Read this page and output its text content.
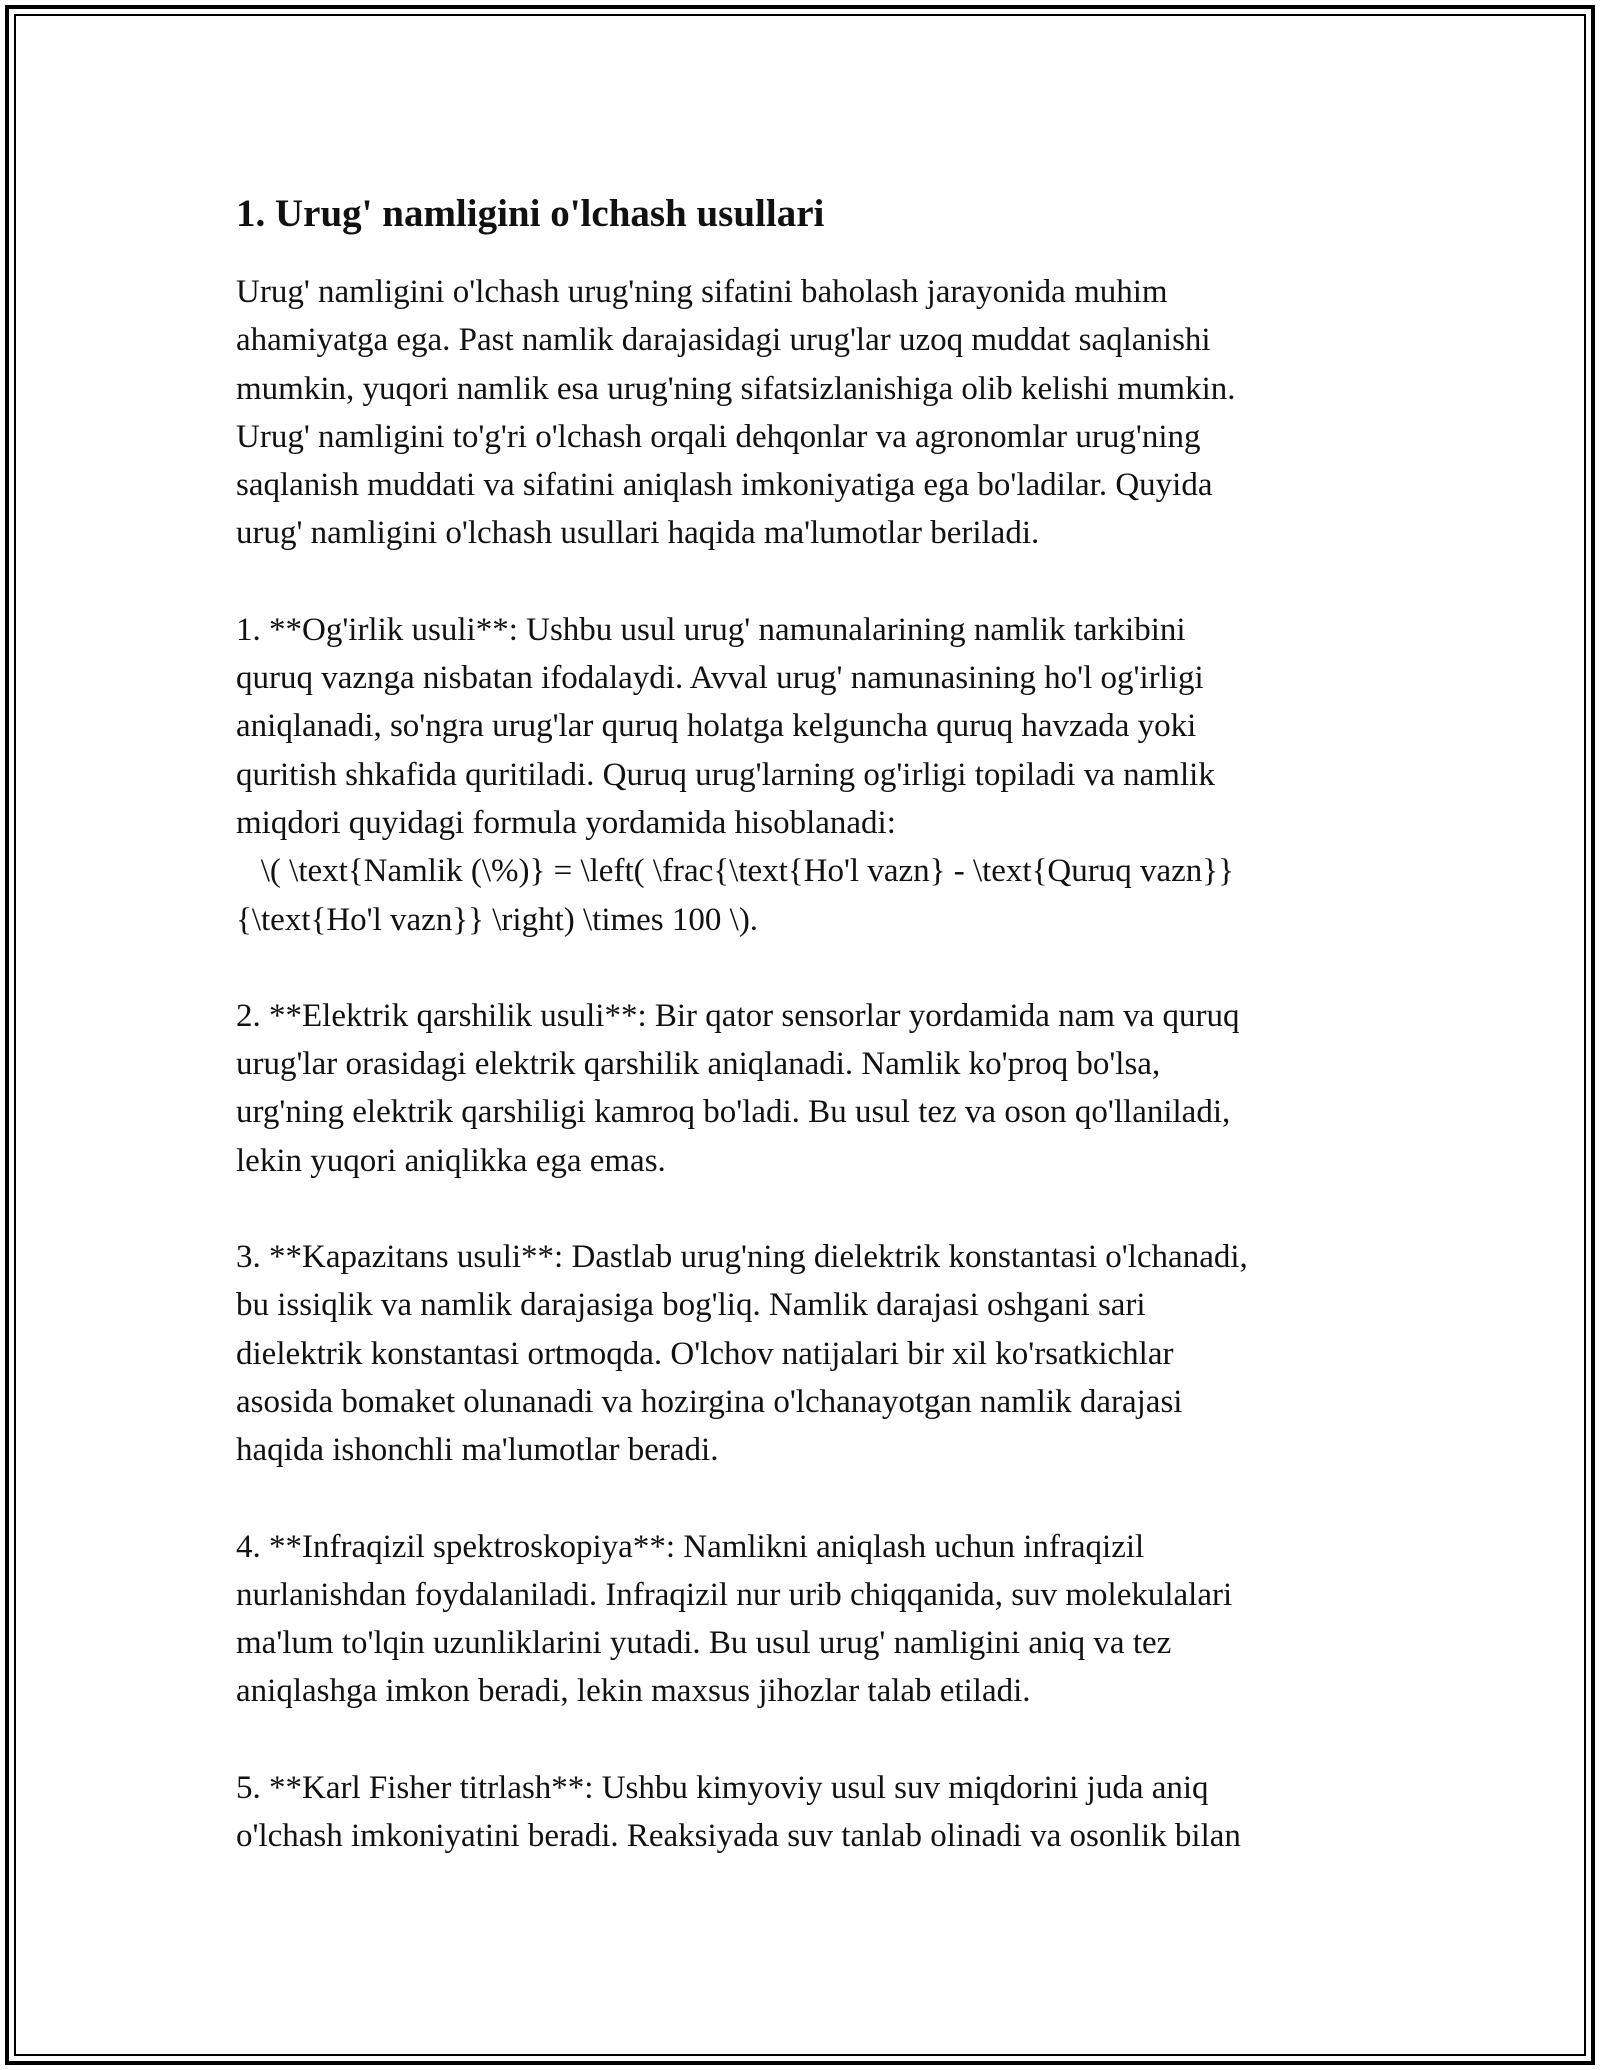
1. Urug' namligini o'lchash usullari

Urug' namligini o'lchash urug'ning sifatini baholash jarayonida muhim
ahamiyatga ega. Past namlik darajasidagi urug'lar uzoq muddat saqlanishi
mumkin, yuqori namlik esa urug'ning sifatsizlanishiga olib kelishi mumkin.
Urug' namligini to'g'ri o'lchash orqali dehqonlar va agronomlar urug'ning
saqlanish muddati va sifatini aniqlash imkoniyatiga ega bo'ladilar. Quyida
urug' namligini o'lchash usullari haqida ma'lumotlar beriladi.

1. **Og'irlik usuli**: Ushbu usul urug' namunalarining namlik tarkibini
quruq vaznga nisbatan ifodalaydi. Avval urug' namunasining ho'l og'irligi
aniqlanadi, so'ngra urug'lar quruq holatga kelguncha quruq havzada yoki
quritish shkafida quritiladi. Quruq urug'larning og'irligi topiladi va namlik
miqdori quyidagi formula yordamida hisoblanadi:
\( \text{Namlik (\%)} = \left( \frac{\text{Ho'l vazn} - \text{Quruq vazn}}
{\text{Ho'l vazn}} \right) \times 100 \).

2. **Elektrik qarshilik usuli**: Bir qator sensorlar yordamida nam va quruq
urug'lar orasidagi elektrik qarshilik aniqlanadi. Namlik ko'proq bo'lsa,
urg'ning elektrik qarshiligi kamroq bo'ladi. Bu usul tez va oson qo'llaniladi,
lekin yuqori aniqlikka ega emas.

3. **Kapazitans usuli**: Dastlab urug'ning dielektrik konstantasi o'lchanadi,
bu issiqlik va namlik darajasiga bog'liq. Namlik darajasi oshgani sari
dielektrik konstantasi ortmoqda. O'lchov natijalari bir xil ko'rsatkichlar
asosida bomaket olunanadi va hozirgina o'lchanayotgan namlik darajasi
haqida ishonchli ma'lumotlar beradi.

4. **Infraqizil spektroskopiya**: Namlikni aniqlash uchun infraqizil
nurlanishdan foydalaniladi. Infraqizil nur urib chiqqanida, suv molekulalari
ma'lum to'lqin uzunliklarini yutadi. Bu usul urug' namligini aniq va tez
aniqlashga imkon beradi, lekin maxsus jihozlar talab etiladi.

5. **Karl Fisher titrlash**: Ushbu kimyoviy usul suv miqdorini juda aniq
o'lchash imkoniyatini beradi. Reaksiyada suv tanlab olinadi va osonlik bilan
